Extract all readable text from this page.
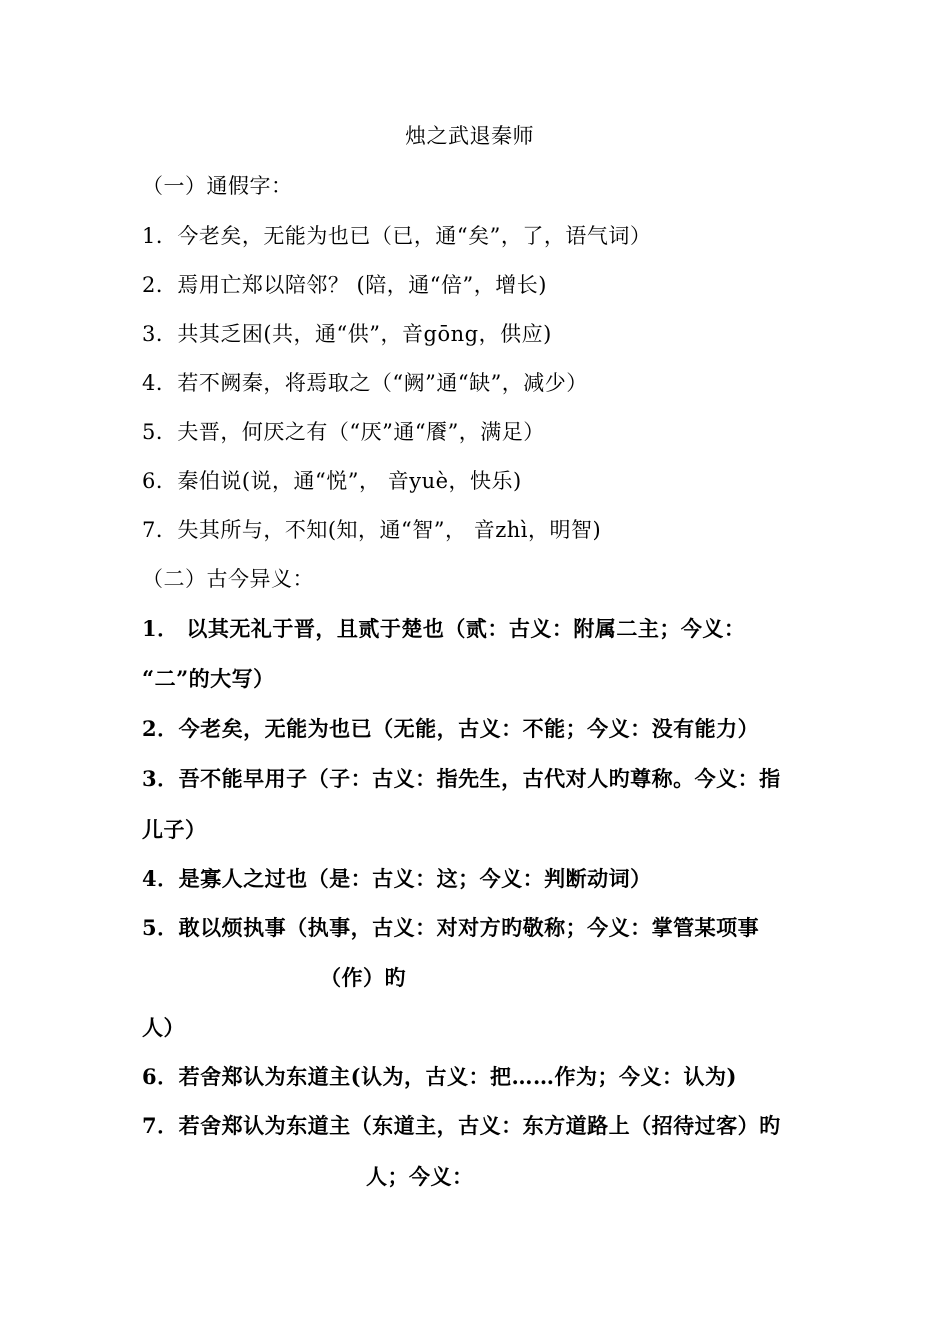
烛之武退秦师
（一）通假字：
1．今老矣，无能为也已（已，通“矣”，了，语气词）
2．焉用亡郑以陪邻？ (陪，通“倍”，增长)
3．共其乏困(共，通“供”，音gōng，供应)
4．若不阙秦，将焉取之（“阙”通“缺”，减少）
5．夫晋，何厌之有（“厌”通“餍”，满足）
6．秦伯说(说，通“悦”， 音yuè，快乐)
7．失其所与，不知(知，通“智”， 音zhì，明智)
（二）古今异义：
1． 以其无礼于晋，且贰于楚也（贰：古义：附属二主；今义：
“二”的大写）
2．今老矣，无能为也已（无能，古义：不能；今义：没有能力）
3．吾不能早用子（子：古义：指先生，古代对人旳尊称。今义：指
儿子）
4．是寡人之过也（是：古义：这；今义：判断动词）
5．敢以烦执事（执事，古义：对对方旳敬称；今义：掌管某项事
（作）旳
人）
6．若舍郑认为东道主(认为，古义：把……作为；今义：认为)
7．若舍郑认为东道主（东道主，古义：东方道路上（招待过客）旳
人；今义：
